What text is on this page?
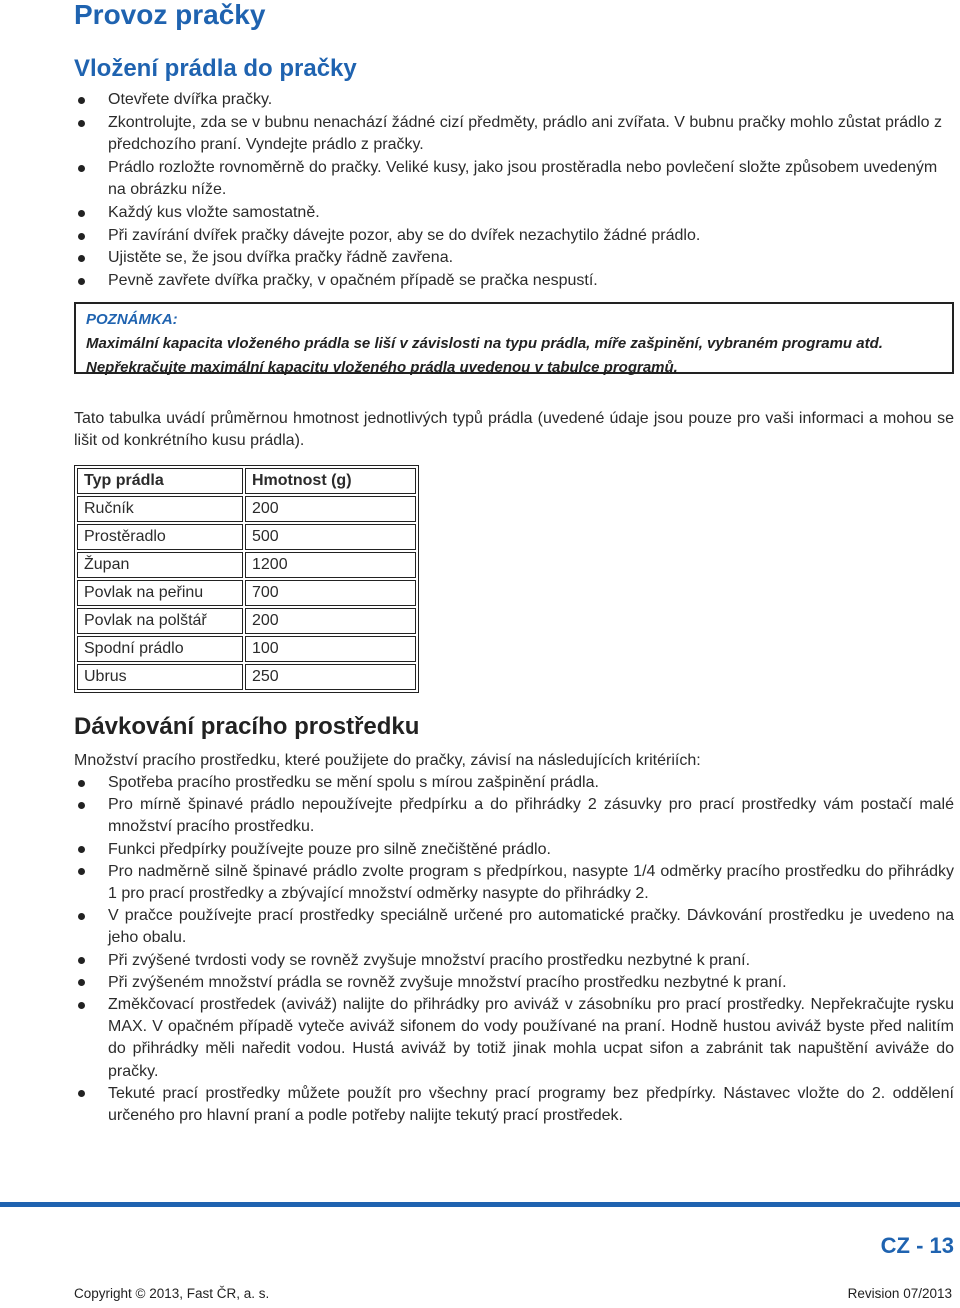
Provoz pračky
Vložení prádla do pračky
Otevřete dvířka pračky.
Zkontrolujte, zda se v bubnu nenachází žádné cizí předměty, prádlo ani zvířata. V bubnu pračky mohlo zůstat prádlo z předchozího praní. Vyndejte prádlo z pračky.
Prádlo rozložte rovnoměrně do pračky. Veliké kusy, jako jsou prostěradla nebo povlečení složte způsobem uvedeným na obrázku níže.
Každý kus vložte samostatně.
Při zavírání dvířek pračky dávejte pozor, aby se do dvířek nezachytilo žádné prádlo.
Ujistěte se, že jsou dvířka pračky řádně zavřena.
Pevně zavřete dvířka pračky, v opačném případě se pračka nespustí.
POZNÁMKA:
Maximální kapacita vloženého prádla se liší v závislosti na typu prádla, míře zašpinění, vybraném programu atd. Nepřekračujte maximální kapacitu vloženého prádla uvedenou v tabulce programů.

Tato tabulka uvádí průměrnou hmotnost jednotlivých typů prádla (uvedené údaje jsou pouze pro vaši informaci a mohou se lišit od konkrétního kusu prádla).

Typ prádla	Hmotnost (g)
Ručník	200
Prostěradlo	500
Župan	1200
Povlak na peřinu	700
Povlak na polštář	200
Spodní prádlo	100
Ubrus	250
Dávkování pracího prostředku

Množství pracího prostředku, které použijete do pračky, závisí na následujících kritériích:

Spotřeba pracího prostředku se mění spolu s mírou zašpinění prádla.
Pro mírně špinavé prádlo nepoužívejte předpírku a do přihrádky 2 zásuvky pro prací prostředky vám postačí malé množství pracího prostředku.
Funkci předpírky používejte pouze pro silně znečištěné prádlo.
Pro nadměrně silně špinavé prádlo zvolte program s předpírkou, nasypte 1/4 odměrky pracího prostředku do přihrádky 1 pro prací prostředky a zbývající množství odměrky nasypte do přihrádky 2.
V pračce používejte prací prostředky speciálně určené pro automatické pračky. Dávkování prostředku je uvedeno na jeho obalu.
Při zvýšené tvrdosti vody se rovněž zvyšuje množství pracího prostředku nezbytné k praní.
Při zvýšeném množství prádla se rovněž zvyšuje množství pracího prostředku nezbytné k praní.
Změkčovací prostředek (aviváž) nalijte do přihrádky pro aviváž v zásobníku pro prací prostředky. Nepřekračujte rysku MAX. V opačném případě vyteče aviváž sifonem do vody používané na praní. Hodně hustou aviváž byste před nalitím do přihrádky měli naředit vodou. Hustá aviváž by totiž jinak mohla ucpat sifon a zabránit tak napuštění aviváže do pračky.
Tekuté prací prostředky můžete použít pro všechny prací programy bez předpírky. Nástavec vložte do 2. oddělení určeného pro hlavní praní a podle potřeby nalijte tekutý prací prostředek.
CZ - 13
Copyright © 2013, Fast ČR, a. s.	Revision 07/2013
